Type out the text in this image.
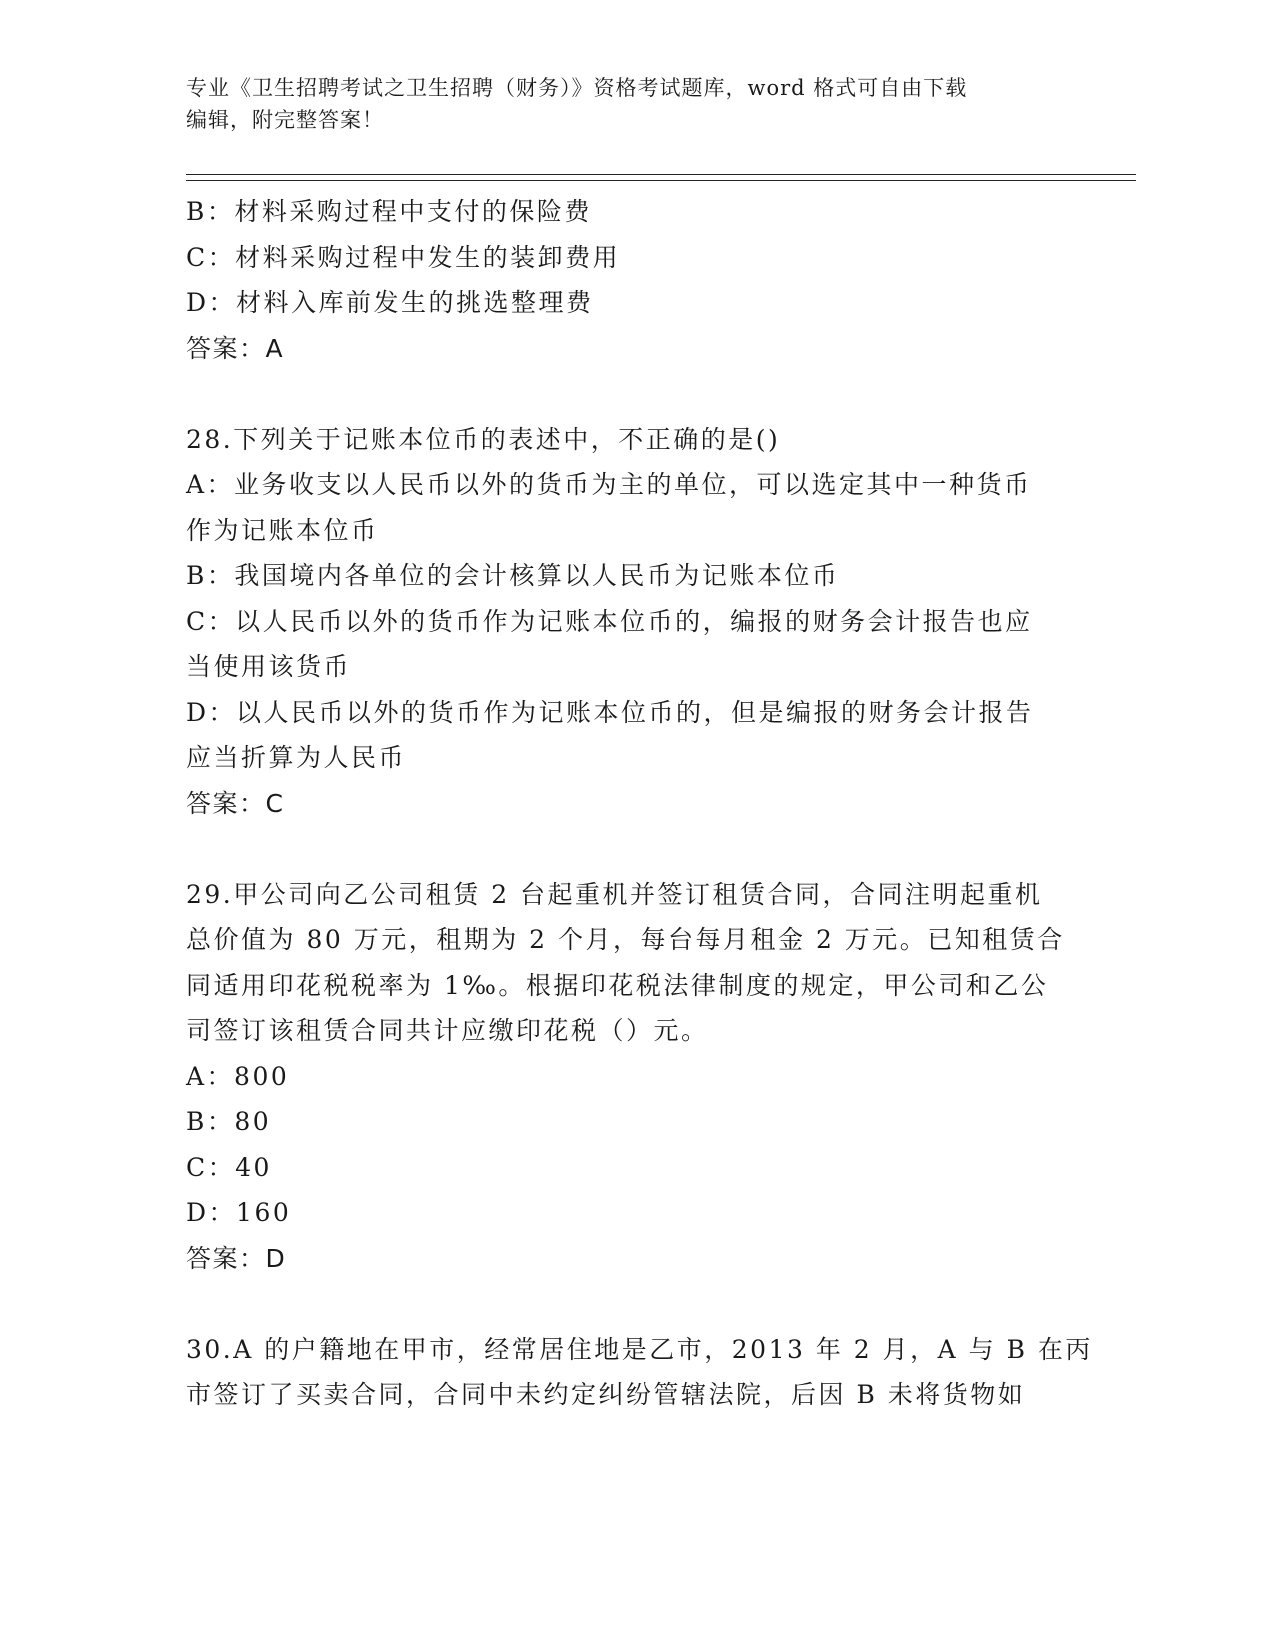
专业《卫生招聘考试之卫生招聘（财务）》资格考试题库，word 格式可自由下载
编辑，附完整答案！
B：材料采购过程中支付的保险费
C：材料采购过程中发生的装卸费用
D：材料入库前发生的挑选整理费
答案：A
28.下列关于记账本位币的表述中，不正确的是()
A：业务收支以人民币以外的货币为主的单位，可以选定其中一种货币
作为记账本位币
B：我国境内各单位的会计核算以人民币为记账本位币
C：以人民币以外的货币作为记账本位币的，编报的财务会计报告也应
当使用该货币
D：以人民币以外的货币作为记账本位币的，但是编报的财务会计报告
应当折算为人民币
答案：C
29.甲公司向乙公司租赁 2 台起重机并签订租赁合同，合同注明起重机
总价值为 80 万元，租期为 2 个月，每台每月租金 2 万元。已知租赁合
同适用印花税税率为 1‰。根据印花税法律制度的规定，甲公司和乙公
司签订该租赁合同共计应缴印花税（）元。
A：800
B：80
C：40
D：160
答案：D
30.A 的户籍地在甲市，经常居住地是乙市，2013 年 2 月，A 与 B 在丙
市签订了买卖合同，合同中未约定纠纷管辖法院，后因 B 未将货物如
